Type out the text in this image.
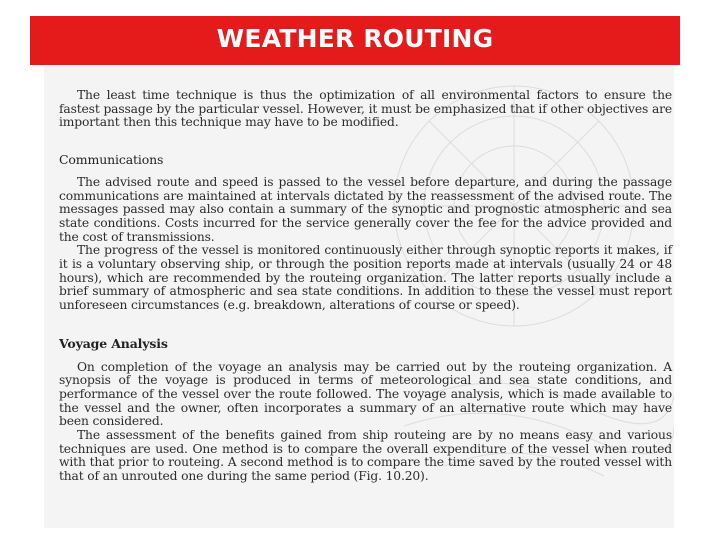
WEATHER ROUTING

The least time technique is thus the optimization of all environmental factors to ensure the fastest passage by the particular vessel. However, it must be emphasized that if other objectives are important then this technique may have to be modified.

Communications

The advised route and speed is passed to the vessel before departure, and during the passage communications are maintained at intervals dictated by the reassessment of the advised route. The messages passed may also contain a summary of the synoptic and prognostic atmospheric and sea state conditions. Costs incurred for the service generally cover the fee for the advice provided and the cost of transmissions.

The progress of the vessel is monitored continuously either through synoptic reports it makes, if it is a voluntary observing ship, or through the position reports made at intervals (usually 24 or 48 hours), which are recommended by the routeing organization. The latter reports usually include a brief summary of atmospheric and sea state conditions. In addition to these the vessel must report unforeseen circumstances (e.g. breakdown, alterations of course or speed).

Voyage Analysis

On completion of the voyage an analysis may be carried out by the routeing organization. A synopsis of the voyage is produced in terms of meteorological and sea state conditions, and performance of the vessel over the route followed. The voyage analysis, which is made available to the vessel and the owner, often incorporates a summary of an alternative route which may have been considered.

The assessment of the benefits gained from ship routeing are by no means easy and various techniques are used. One method is to compare the overall expenditure of the vessel when routed with that prior to routeing. A second method is to compare the time saved by the routed vessel with that of an unrouted one during the same period (Fig. 10.20).
